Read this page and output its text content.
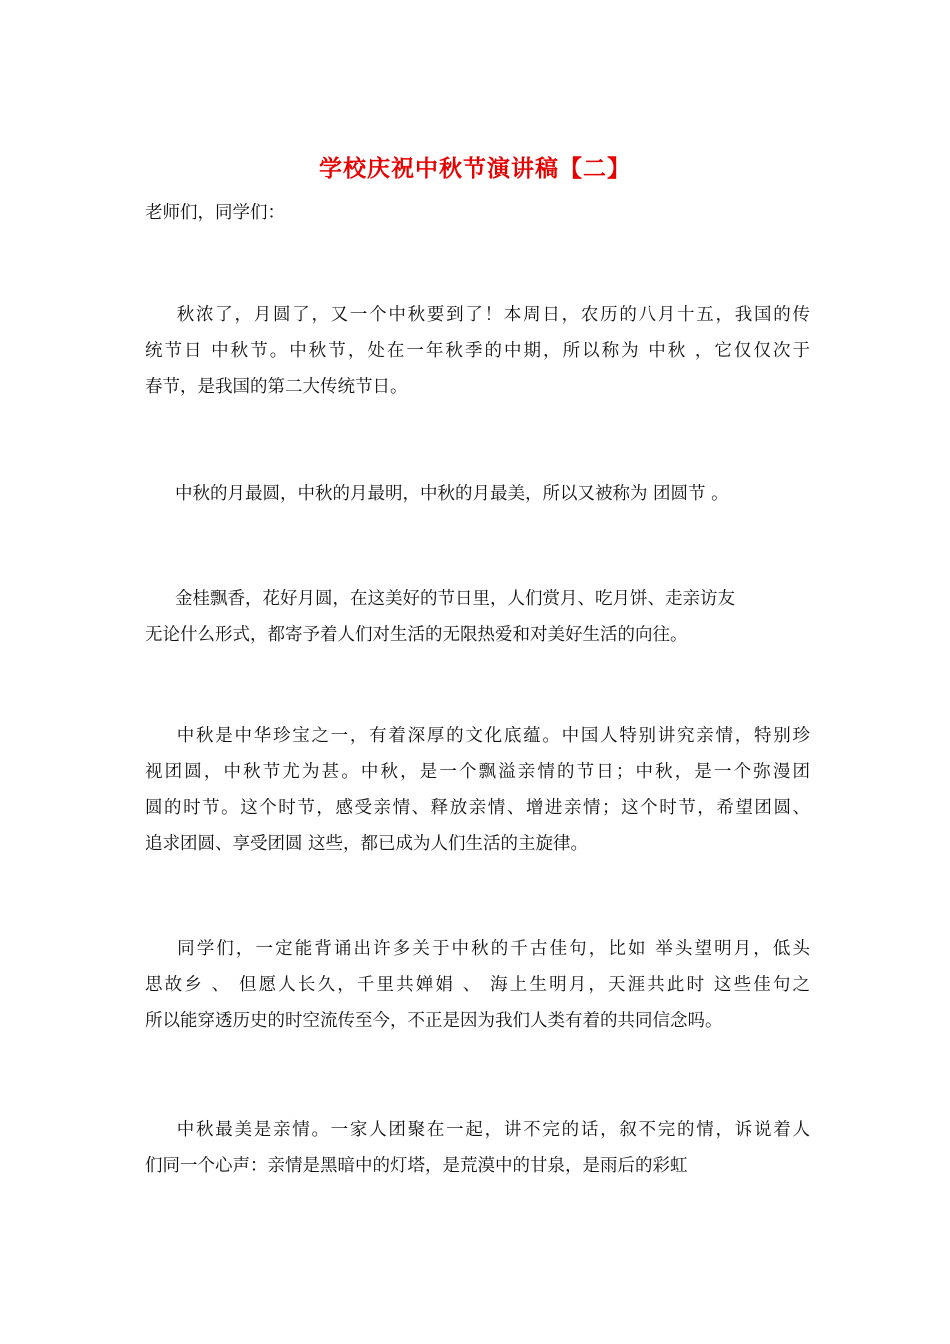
学校庆祝中秋节演讲稿【二】
老师们，同学们：
秋浓了，月圆了，又一个中秋要到了！本周日，农历的八月十五，我国的传
统节日 中秋节。中秋节，处在一年秋季的中期，所以称为 中秋 ，它仅仅次于
春节，是我国的第二大传统节日。
中秋的月最圆，中秋的月最明，中秋的月最美，所以又被称为 团圆节 。
金桂飘香，花好月圆，在这美好的节日里，人们赏月、吃月饼、走亲访友
无论什么形式，都寄予着人们对生活的无限热爱和对美好生活的向往。
中秋是中华珍宝之一，有着深厚的文化底蕴。中国人特别讲究亲情，特别珍
视团圆，中秋节尤为甚。中秋，是一个飘溢亲情的节日；中秋，是一个弥漫团
圆的时节。这个时节，感受亲情、释放亲情、增进亲情；这个时节，希望团圆、
追求团圆、享受团圆 这些，都已成为人们生活的主旋律。
同学们，一定能背诵出许多关于中秋的千古佳句，比如 举头望明月，低头
思故乡 、 但愿人长久，千里共婵娟 、 海上生明月，天涯共此时 这些佳句之
所以能穿透历史的时空流传至今，不正是因为我们人类有着的共同信念吗。
中秋最美是亲情。一家人团聚在一起，讲不完的话，叙不完的情，诉说着人
们同一个心声：亲情是黑暗中的灯塔，是荒漠中的甘泉，是雨后的彩虹
